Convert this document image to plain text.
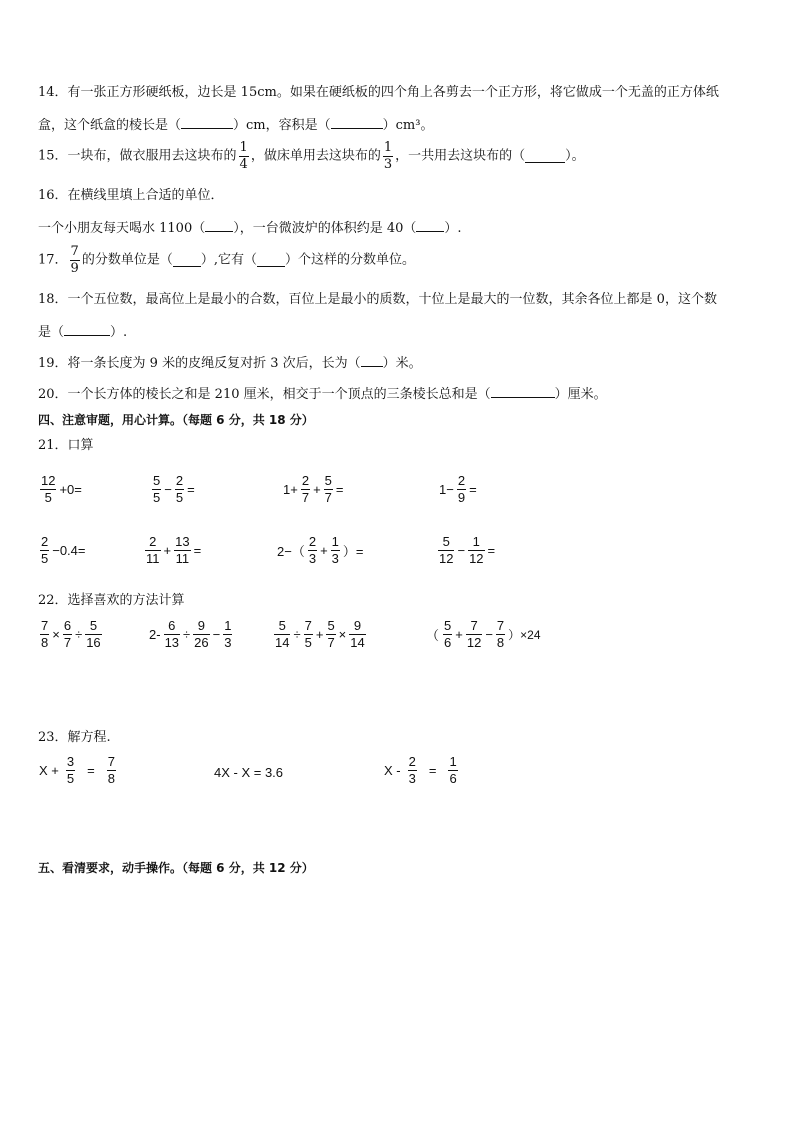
14．有一张正方形硬纸板，边长是 15cm。如果在硬纸板的四个角上各剪去一个正方形，将它做成一个无盖的正方体纸
盒，这个纸盒的棱长是（	）cm，容积是（	）cm³。
15．一块布，做衣服用去这块布的 $\frac{1}{4}$ ，做床单用去这块布的 $\frac{1}{3}$ ，一共用去这块布的（	）。
16．在横线里填上合适的单位．
一个小朋友每天喝水 1100（ ），一台微波炉的体积约是 40（ ）.
17． $\frac{7}{9}$ 的分数单位是（ ）,它有（ ）个这样的分数单位。
18．一个五位数，最高位上是最小的合数，百位上是最小的质数，十位上是最大的一位数，其余各位上都是 0，这个数
是（	）.
19．将一条长度为 9 米的皮绳反复对折 3 次后，长为（ ）米。
20．一个长方体的棱长之和是 210 厘米，相交于一个顶点的三条棱长总和是（	）厘米。
四、注意审题，用心计算。（每题 6 分，共 18 分）
21．口算
$\frac{12}{5} +0=$	$\frac{5}{5} - \frac{2}{5}$ =	$1+ \frac{2}{7} + \frac{5}{7}$ =	$1- \frac{2}{9}$ =
$\frac{2}{5} -0.4=$	$\frac{2}{11} + \frac{13}{11}$ =	$2-( \frac{2}{3} + \frac{1}{3}$ ）=	$\frac{5}{12} - \frac{1}{12}$ =
22．选择喜欢的方法计算
$\frac{7}{8} \times \frac{6}{7} \div \frac{5}{16}$	$2- \frac{6}{13} \div \frac{9}{26} - \frac{1}{3}$	$\frac{5}{14} \div \frac{7}{5} + \frac{5}{7} \times \frac{9}{14}$	（ $\frac{5}{6} + \frac{7}{12} - \frac{7}{8} )\times 24$
23．解方程.
$X + \frac{3}{5} = \frac{7}{8}$	4X - X = 3.6	$X - \frac{2}{3} = \frac{1}{6}$
五、看清要求，动手操作。（每题 6 分，共 12 分）
